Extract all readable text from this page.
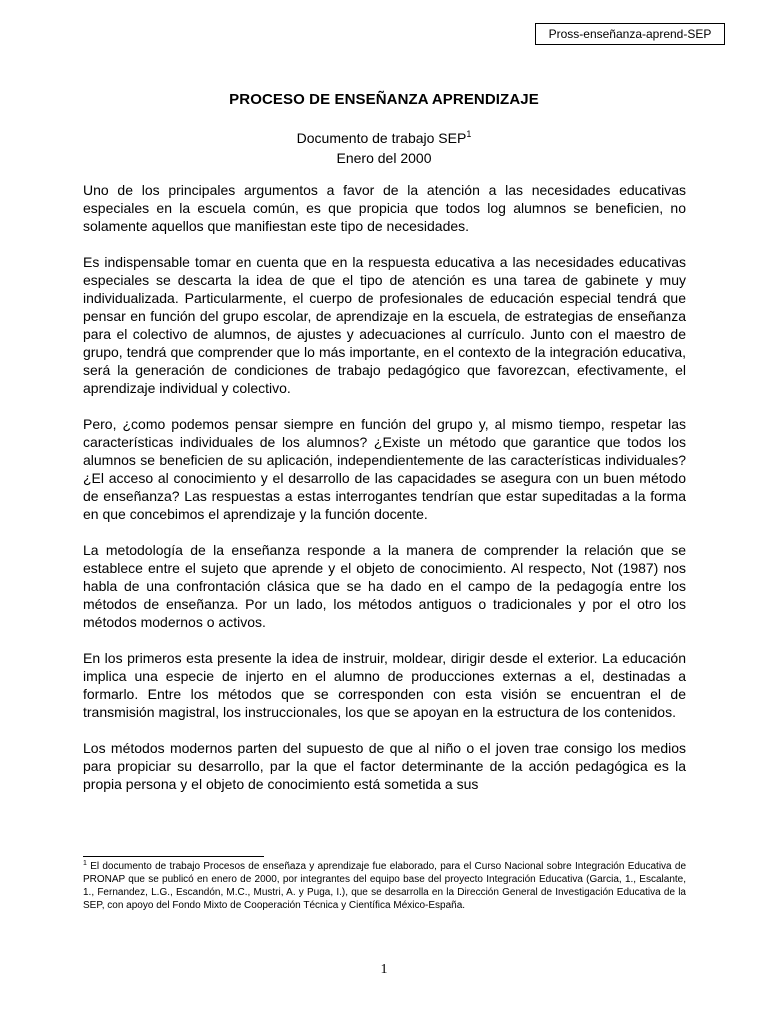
Pross-enseñanza-aprend-SEP
PROCESO DE ENSEÑANZA APRENDIZAJE
Documento de trabajo SEP$^1$
Enero del 2000

Uno de los principales argumentos a favor de la atención a las necesidades educativas especiales en la escuela común, es que propicia que todos log alumnos se beneficien, no solamente aquellos que manifiestan este tipo de necesidades.

Es indispensable tomar en cuenta que en la respuesta educativa a las necesidades educativas especiales se descarta la idea de que el tipo de atención es una tarea de gabinete y muy individualizada. Particularmente, el cuerpo de profesionales de educación especial tendrá que pensar en función del grupo escolar, de aprendizaje en la escuela, de estrategias de enseñanza para el colectivo de alumnos, de ajustes y adecuaciones al currículo. Junto con el maestro de grupo, tendrá que comprender que lo más importante, en el contexto de la integración educativa, será la generación de condiciones de trabajo pedagógico que favorezcan, efectivamente, el aprendizaje individual y colectivo.

Pero, ¿como podemos pensar siempre en función del grupo y, al mismo tiempo, respetar las características individuales de los alumnos? ¿Existe un método que garantice que todos los alumnos se beneficien de su aplicación, independientemente de las características individuales? ¿El acceso al conocimiento y el desarrollo de las capacidades se asegura con un buen método de enseñanza? Las respuestas a estas interrogantes tendrían que estar supeditadas a la forma en que concebimos el aprendizaje y la función docente.

La metodología de la enseñanza responde a la manera de comprender la relación que se establece entre el sujeto que aprende y el objeto de conocimiento. Al respecto, Not (1987) nos habla de una confrontación clásica que se ha dado en el campo de la pedagogía entre los métodos de enseñanza. Por un lado, los métodos antiguos o tradicionales y por el otro los métodos modernos o activos.

En los primeros esta presente la idea de instruir, moldear, dirigir desde el exterior. La educación implica una especie de injerto en el alumno de producciones externas a el, destinadas a formarlo. Entre los métodos que se corresponden con esta visión se encuentran el de transmisión magistral, los instruccionales, los que se apoyan en la estructura de los contenidos.

Los métodos modernos parten del supuesto de que al niño o el joven trae consigo los medios para propiciar su desarrollo, par la que el factor determinante de la acción pedagógica es la propia persona y el objeto de conocimiento está sometida a sus

$^1$ El documento de trabajo Procesos de enseñaza y aprendizaje fue elaborado, para el Curso Nacional sobre Integración Educativa de PRONAP que se publicó en enero de 2000, por integrantes del equipo base del proyecto Integración Educativa (Garcia, 1., Escalante, 1., Fernandez, L.G., Escandón, M.C., Mustri, A. y Puga, I.), que se desarrolla en la Dirección General de Investigación Educativa de la SEP, con apoyo del Fondo Mixto de Cooperación Técnica y Científica México-España.
1
